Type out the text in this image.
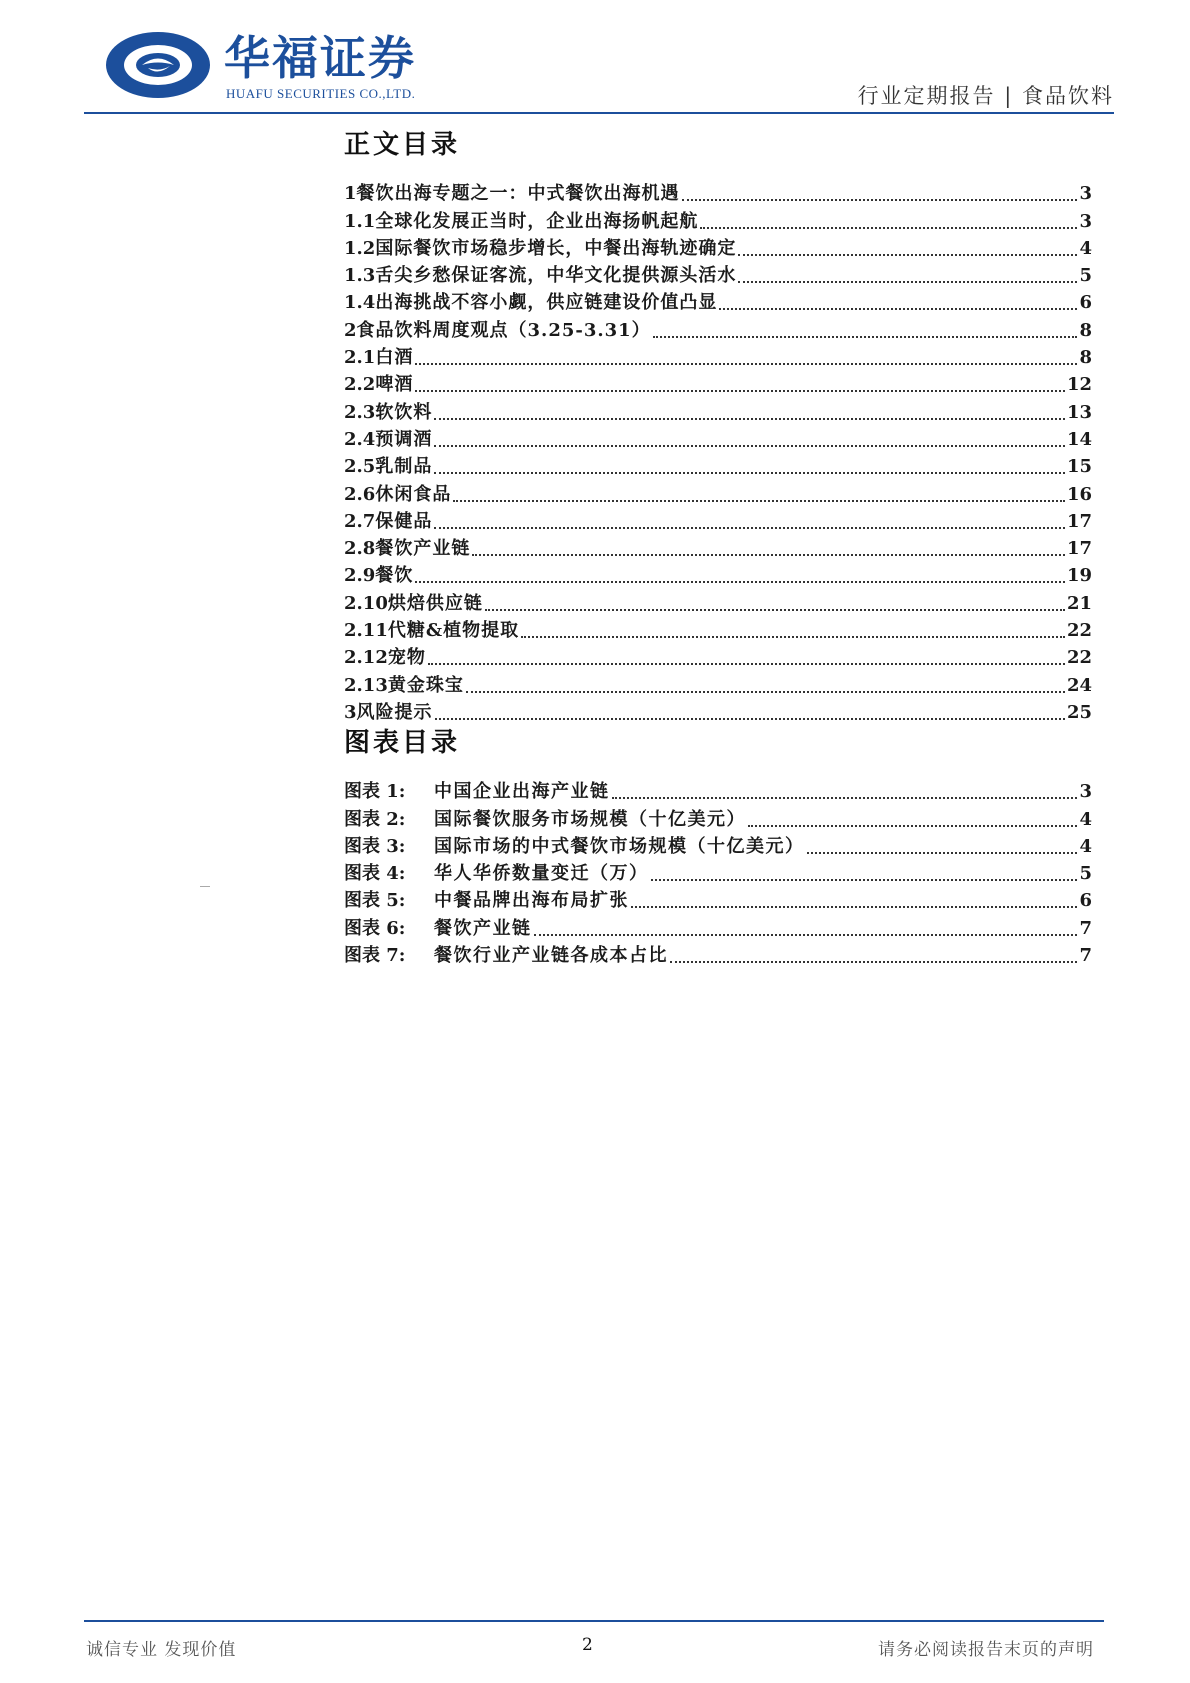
华福证券
HUAFU SECURITIES CO.,LTD.	行业定期报告 | 食品饮料
正文目录
1 餐饮出海专题之一：中式餐饮出海机遇	3
1.1 全球化发展正当时，企业出海扬帆起航	3
1.2 国际餐饮市场稳步增长，中餐出海轨迹确定	4
1.3 舌尖乡愁保证客流，中华文化提供源头活水	5
1.4 出海挑战不容小觑，供应链建设价值凸显	6
2 食品饮料周度观点（3.25-3.31）	8
2.1 白酒	8
2.2 啤酒	12
2.3 软饮料	13
2.4 预调酒	14
2.5 乳制品	15
2.6 休闲食品	16
2.7 保健品	17
2.8 餐饮产业链	17
2.9 餐饮	19
2.10 烘焙供应链	21
2.11 代糖&植物提取	22
2.12 宠物	22
2.13 黄金珠宝	24
3 风险提示	25
图表目录
图表 1:	中国企业出海产业链	3
图表 2:	国际餐饮服务市场规模（十亿美元）	4
图表 3:	国际市场的中式餐饮市场规模（十亿美元）	4
图表 4:	华人华侨数量变迁（万）	5
图表 5:	中餐品牌出海布局扩张	6
图表 6:	餐饮产业链	7
图表 7:	餐饮行业产业链各成本占比	7
诚信专业 发现价值	2	请务必阅读报告末页的声明
